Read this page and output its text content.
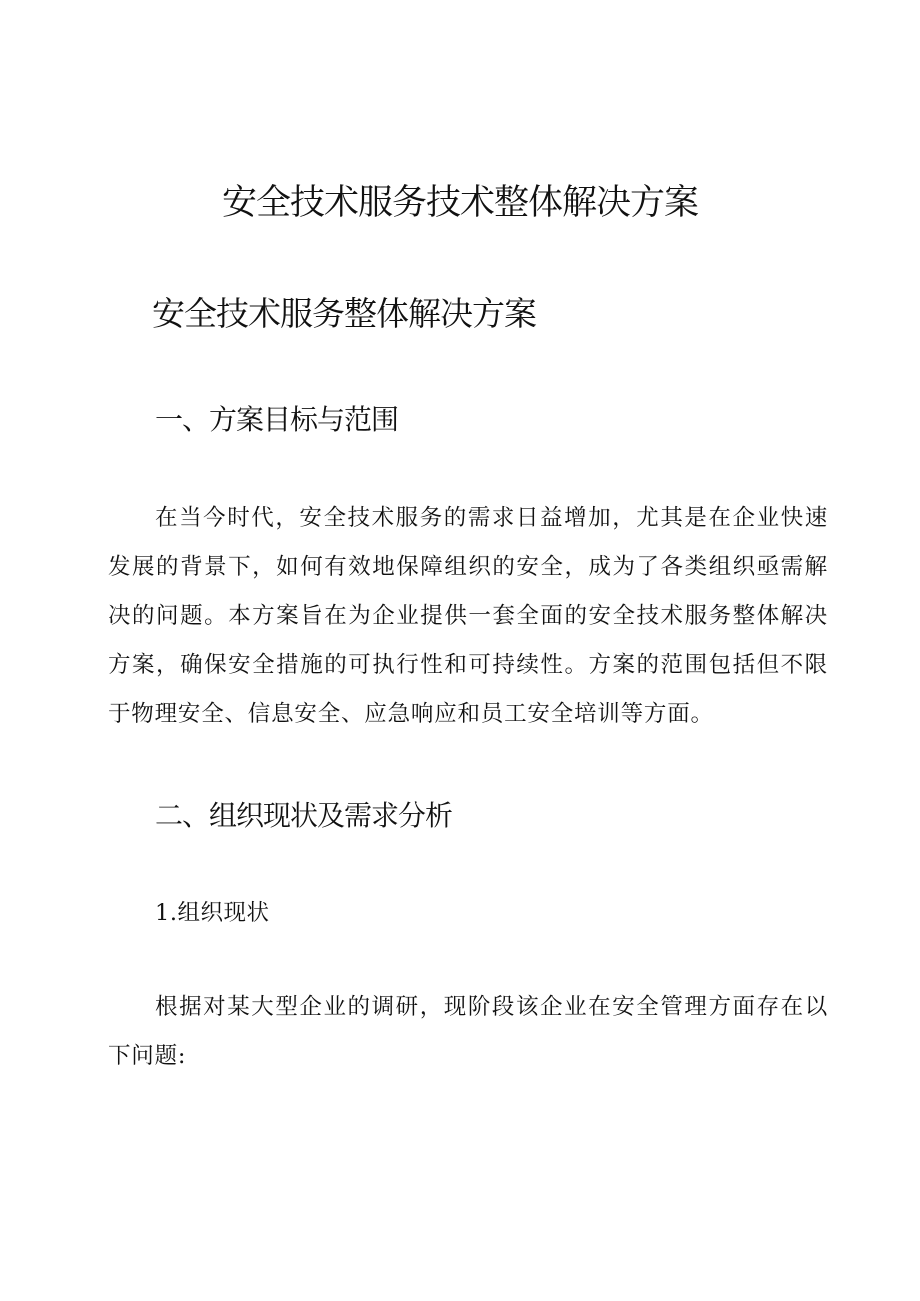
安全技术服务技术整体解决方案
安全技术服务整体解决方案
一、方案目标与范围

在当今时代，安全技术服务的需求日益增加，尤其是在企业快速发展的背景下，如何有效地保障组织的安全，成为了各类组织亟需解决的问题。本方案旨在为企业提供一套全面的安全技术服务整体解决方案，确保安全措施的可执行性和可持续性。方案的范围包括但不限于物理安全、信息安全、应急响应和员工安全培训等方面。

二、组织现状及需求分析
1.组织现状

根据对某大型企业的调研，现阶段该企业在安全管理方面存在以下问题:
